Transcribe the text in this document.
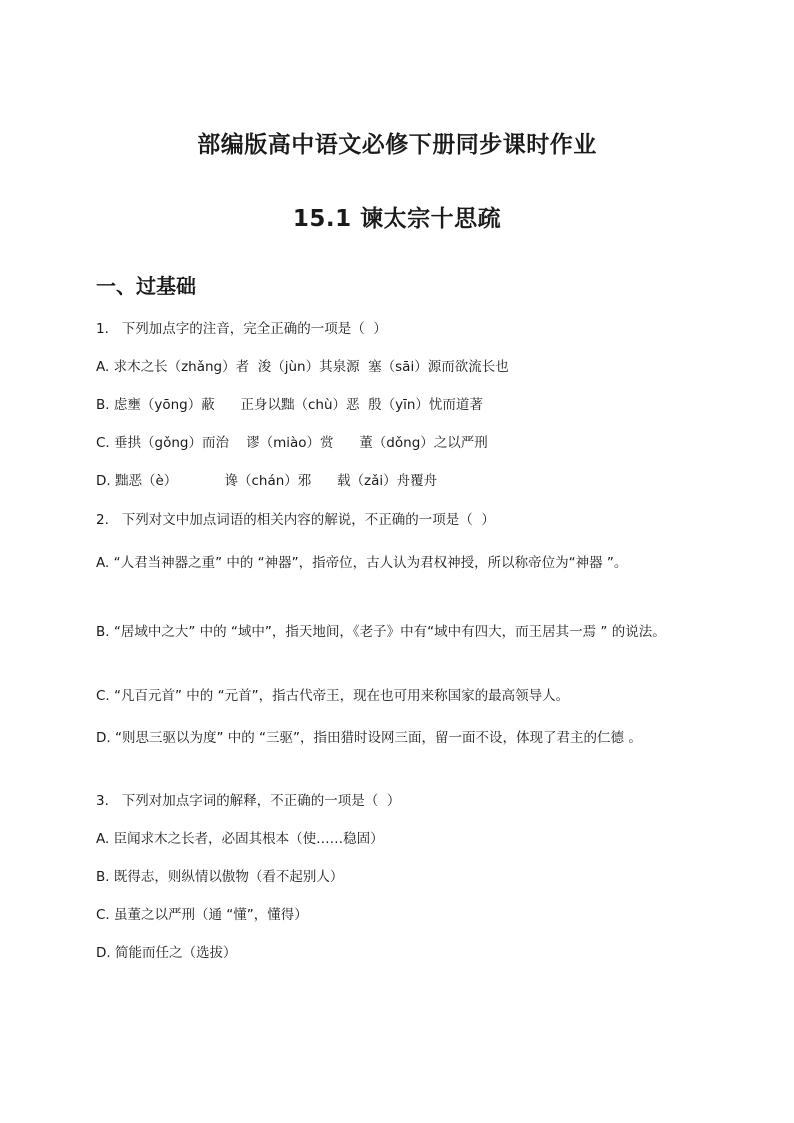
部编版高中语文必修下册同步课时作业
15.1 谏太宗十思疏
一、过基础
1.   下列加点字的注音，完全正确的一项是（  ）
A. 求木之长（zhǎng）者  浚（jùn）其泉源  塞（sāi）源而欲流长也
B. 虑壅（yōng）蔽      正身以黜（chù）恶  殷（yīn）忧而道著
C. 垂拱（gǒng）而治    谬（miào）赏      董（dǒng）之以严刑
D. 黜恶（è）           谗（chán）邪      载（zǎi）舟覆舟
2.   下列对文中加点词语的相关内容的解说，不正确的一项是（  ）
A. “人君当神器之重” 中的 “神器”，指帝位，古人认为君权神授，所以称帝位为“神器 ”。
B. “居域中之大” 中的 “域中”，指天地间，《老子》中有“域中有四大，而王居其一焉 ” 的说法。
C. “凡百元首” 中的 “元首”，指古代帝王，现在也可用来称国家的最高领导人。
D. “则思三驱以为度” 中的 “三驱”，指田猎时设网三面，留一面不设，体现了君主的仁德 。
3.   下列对加点字词的解释，不正确的一项是（  ）
A. 臣闻求木之长者，必固其根本（使……稳固）
B. 既得志，则纵情以傲物（看不起别人）
C. 虽董之以严刑（通 “懂”，懂得）
D. 简能而任之（选拔）
